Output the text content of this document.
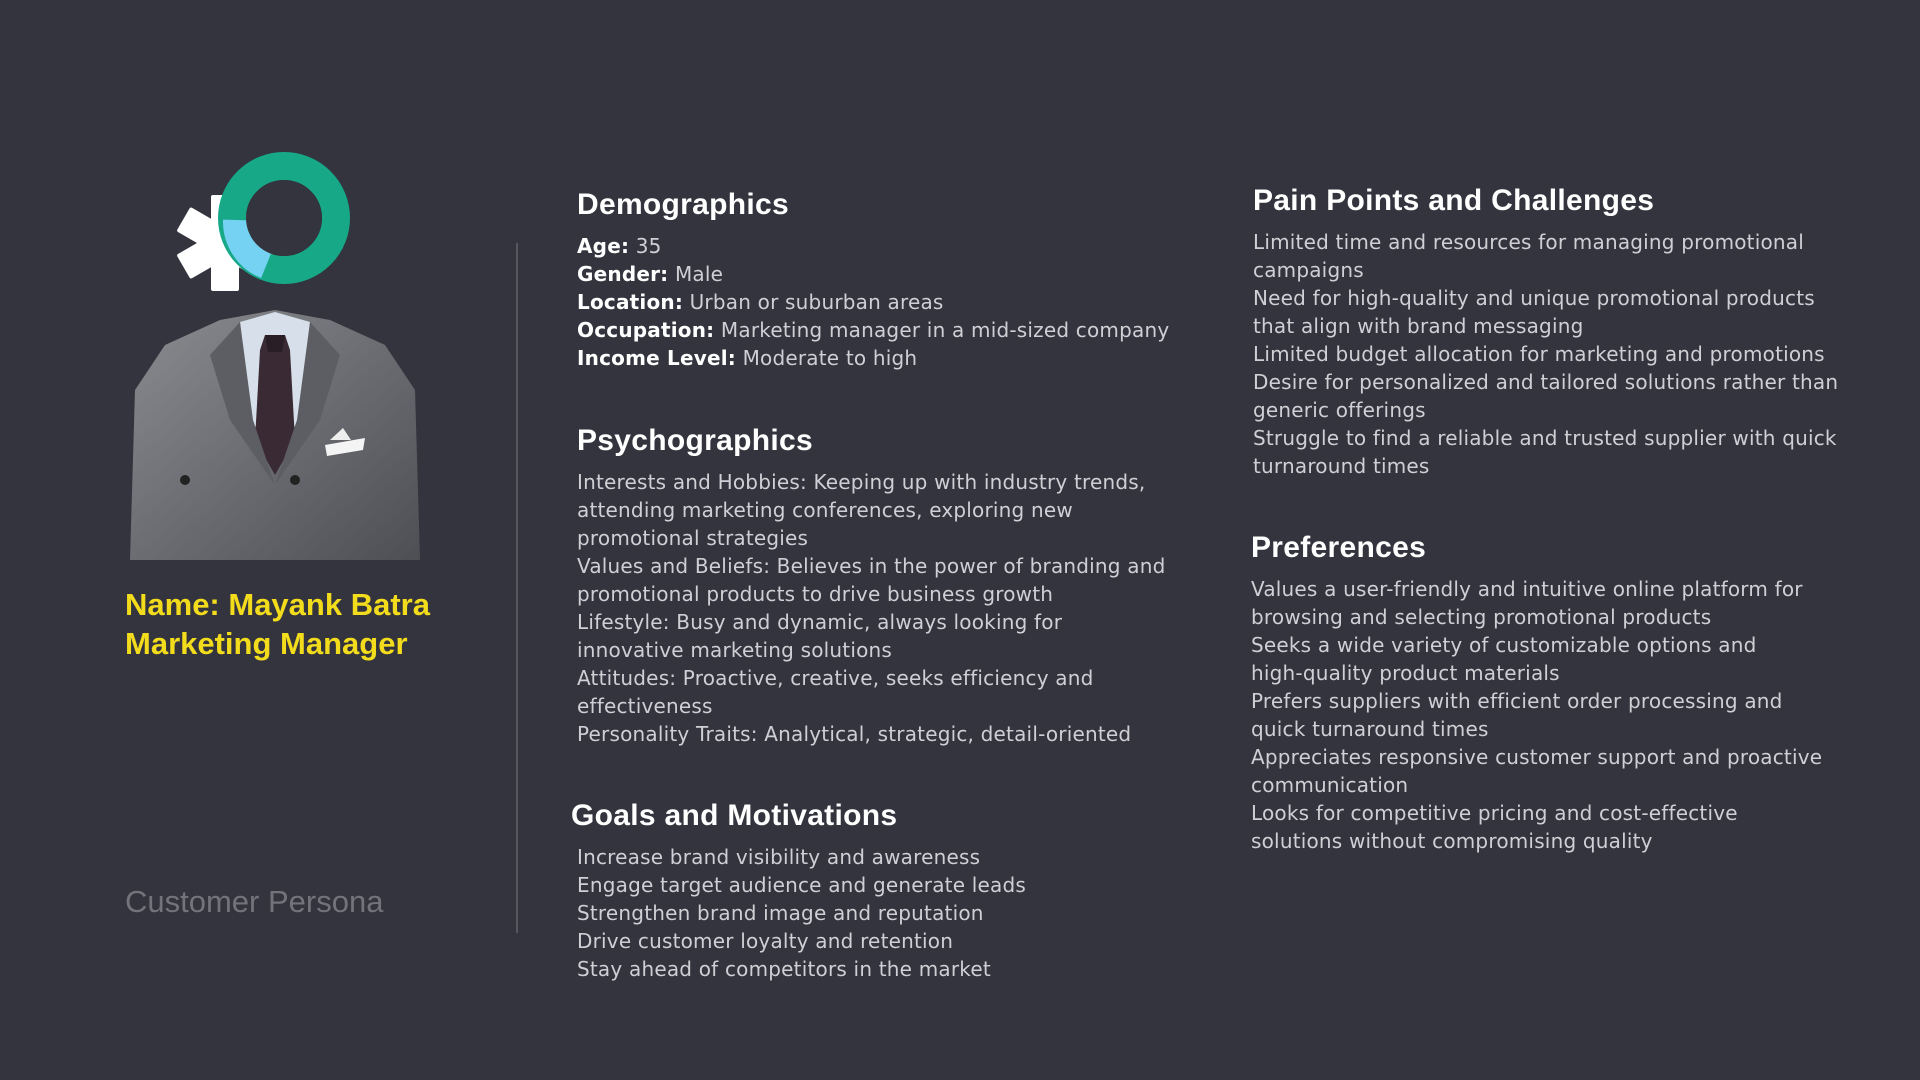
Name: Mayank Batra
Marketing Manager
Customer Persona
Demographics
Age: 35
Gender: Male
Location: Urban or suburban areas
Occupation: Marketing manager in a mid-sized company
Income Level: Moderate to high
Psychographics
Interests and Hobbies: Keeping up with industry trends,
attending marketing conferences, exploring new
promotional strategies
Values and Beliefs: Believes in the power of branding and
promotional products to drive business growth
Lifestyle: Busy and dynamic, always looking for
innovative marketing solutions
Attitudes: Proactive, creative, seeks efficiency and
effectiveness
Personality Traits: Analytical, strategic, detail-oriented
Goals and Motivations
Increase brand visibility and awareness
Engage target audience and generate leads
Strengthen brand image and reputation
Drive customer loyalty and retention
Stay ahead of competitors in the market
Pain Points and Challenges
Limited time and resources for managing promotional
campaigns
Need for high-quality and unique promotional products
that align with brand messaging
Limited budget allocation for marketing and promotions
Desire for personalized and tailored solutions rather than
generic offerings
Struggle to find a reliable and trusted supplier with quick
turnaround times
Preferences
Values a user-friendly and intuitive online platform for
browsing and selecting promotional products
Seeks a wide variety of customizable options and
high-quality product materials
Prefers suppliers with efficient order processing and
quick turnaround times
Appreciates responsive customer support and proactive
communication
Looks for competitive pricing and cost-effective
solutions without compromising quality
